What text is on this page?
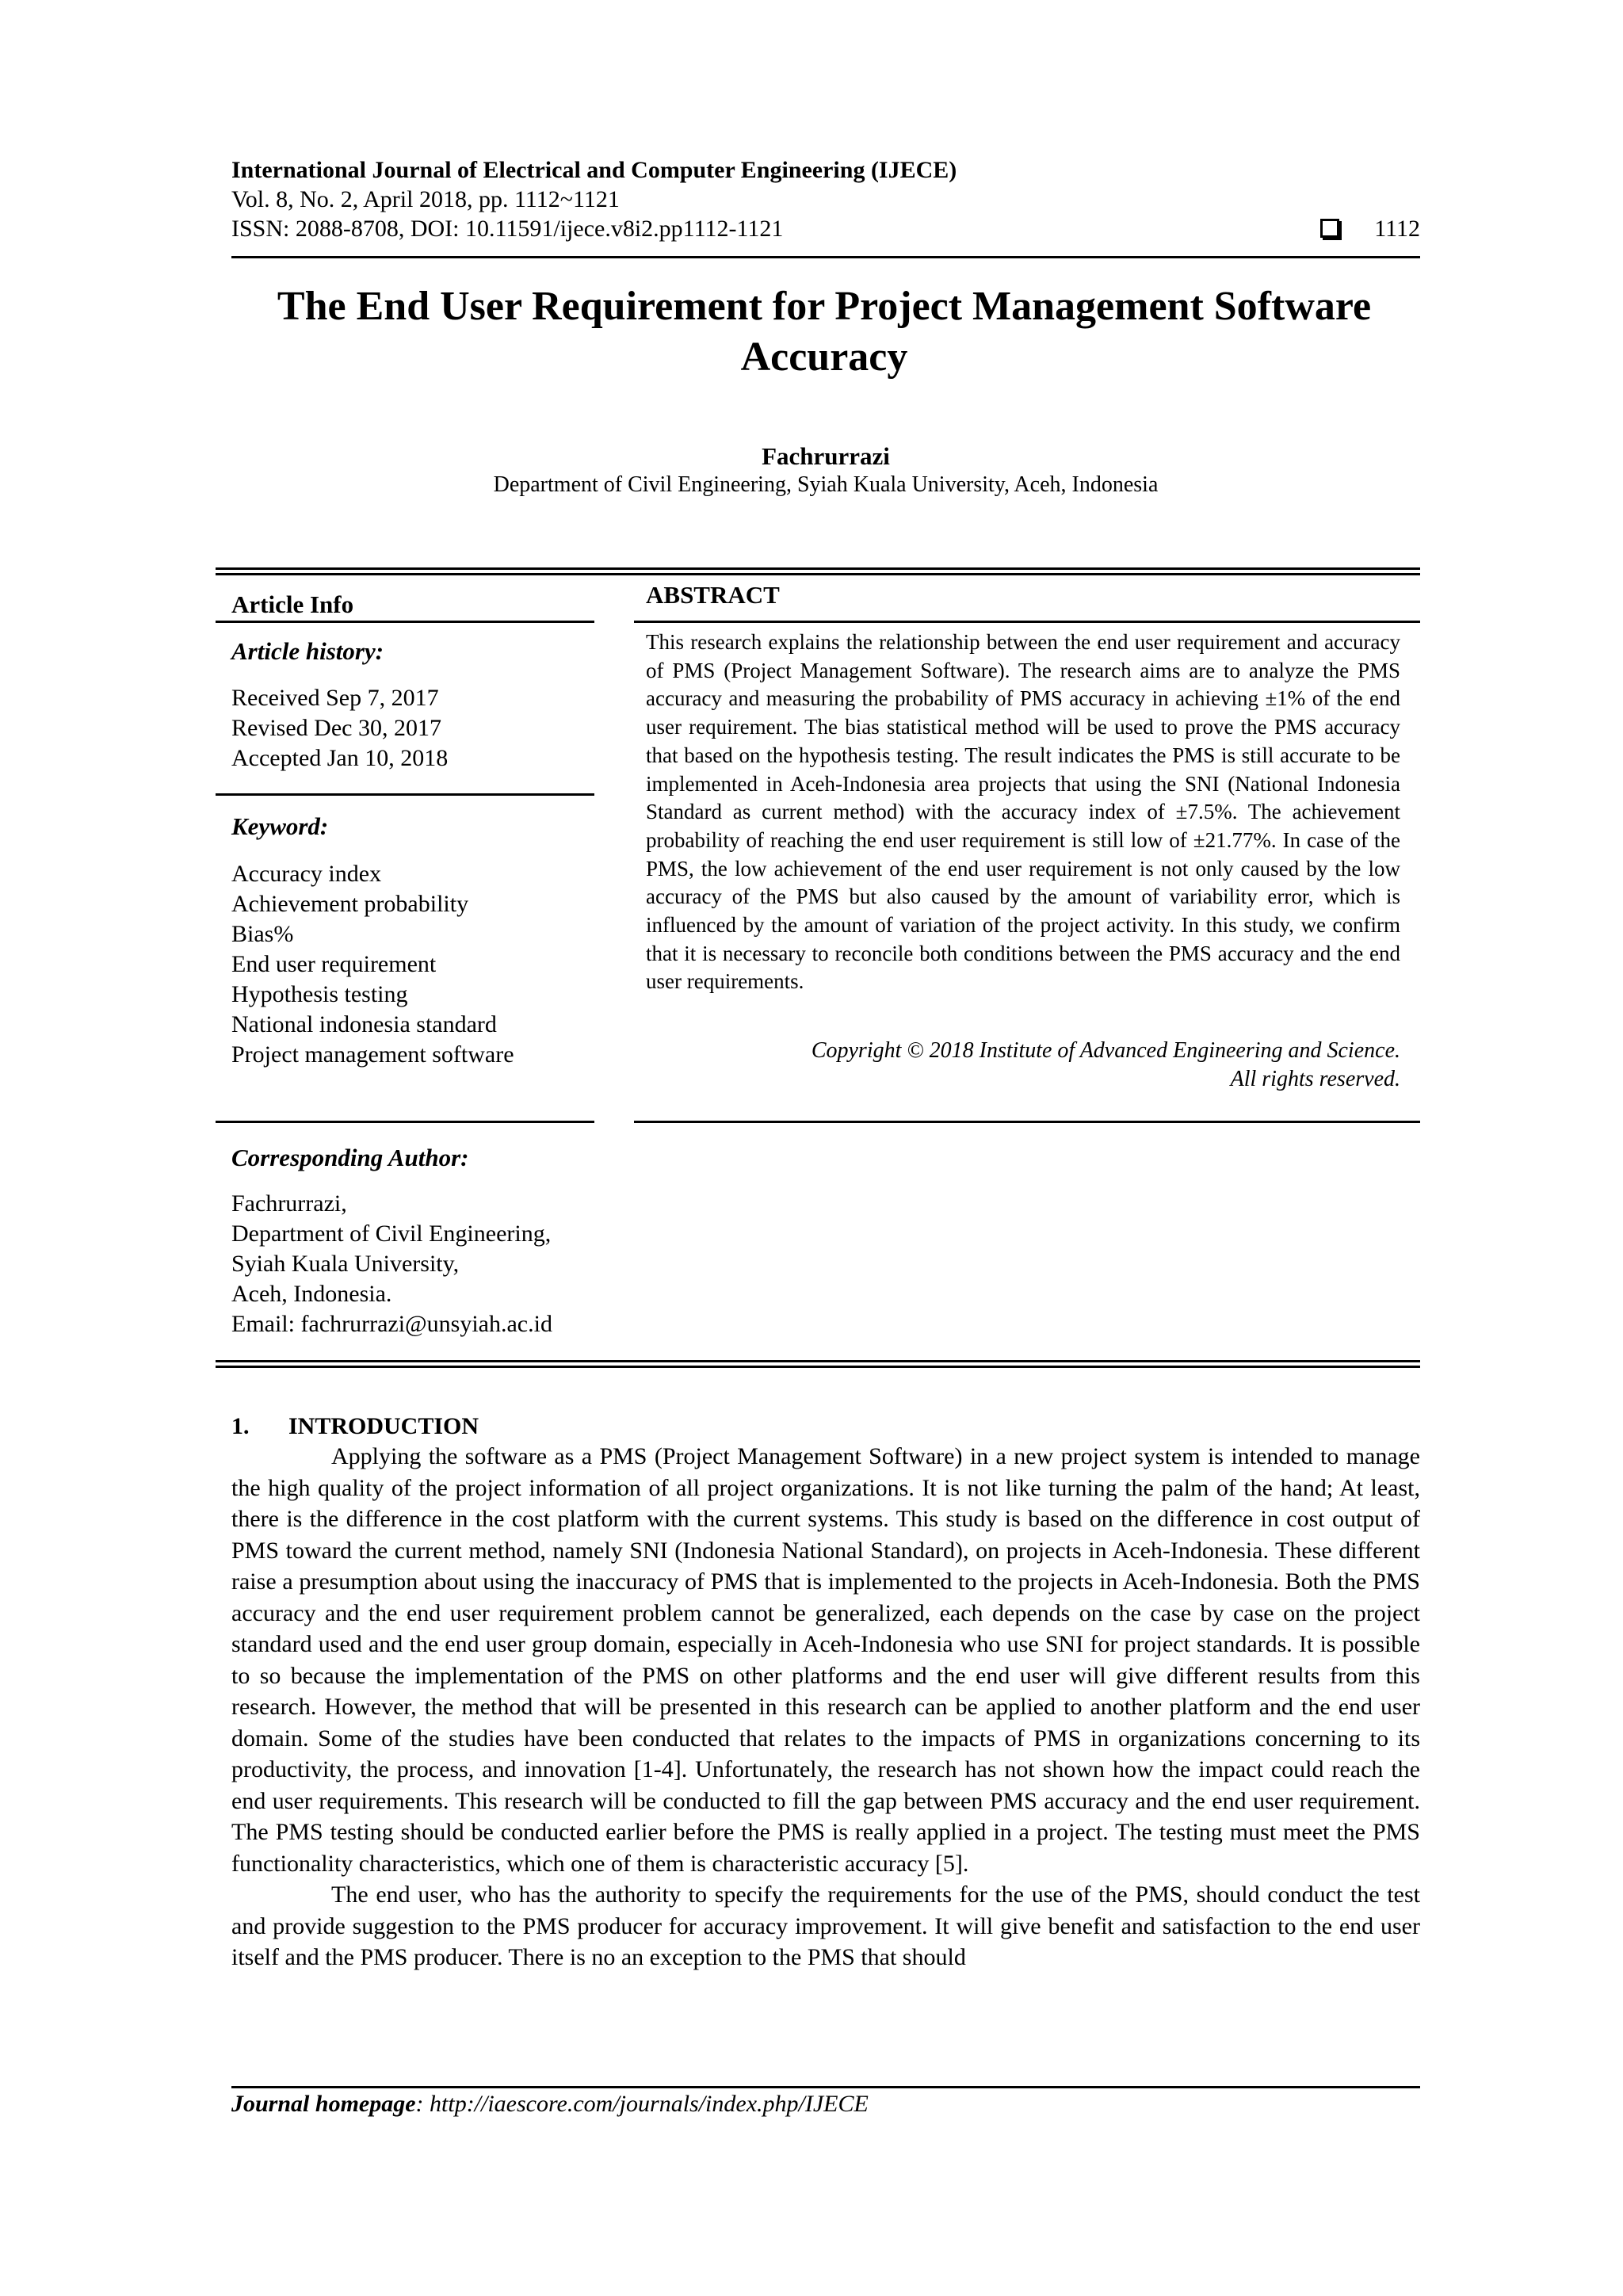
International Journal of Electrical and Computer Engineering (IJECE)
Vol. 8, No. 2, April 2018, pp. 1112~1121
ISSN: 2088-8708, DOI: 10.11591/ijece.v8i2.pp1112-1121	1112
The End User Requirement for Project Management Software
Accuracy
Fachrurrazi
Department of Civil Engineering, Syiah Kuala University, Aceh, Indonesia
Article Info
Article history:
Received Sep 7, 2017
Revised Dec 30, 2017
Accepted Jan 10, 2018
Keyword:
Accuracy index
Achievement probability
Bias%
End user requirement
Hypothesis testing
National indonesia standard
Project management software
Corresponding Author:
Fachrurrazi,
Department of Civil Engineering,
Syiah Kuala University,
Aceh, Indonesia.
Email: fachrurrazi@unsyiah.ac.id
ABSTRACT
This research explains the relationship between the end user requirement and accuracy of PMS (Project Management Software). The research aims are to analyze the PMS accuracy and measuring the probability of PMS accuracy in achieving ±1% of the end user requirement. The bias statistical method will be used to prove the PMS accuracy that based on the hypothesis testing. The result indicates the PMS is still accurate to be implemented in Aceh-Indonesia area projects that using the SNI (National Indonesia Standard as current method) with the accuracy index of ±7.5%. The achievement probability of reaching the end user requirement is still low of ±21.77%. In case of the PMS, the low achievement of the end user requirement is not only caused by the low accuracy of the PMS but also caused by the amount of variability error, which is influenced by the amount of variation of the project activity. In this study, we confirm that it is necessary to reconcile both conditions between the PMS accuracy and the end user requirements.
Copyright © 2018 Institute of Advanced Engineering and Science.
All rights reserved.
1. INTRODUCTION

Applying the software as a PMS (Project Management Software) in a new project system is intended to manage the high quality of the project information of all project organizations. It is not like turning the palm of the hand; At least, there is the difference in the cost platform with the current systems. This study is based on the difference in cost output of PMS toward the current method, namely SNI (Indonesia National Standard), on projects in Aceh-Indonesia. These different raise a presumption about using the inaccuracy of PMS that is implemented to the projects in Aceh-Indonesia. Both the PMS accuracy and the end user requirement problem cannot be generalized, each depends on the case by case on the project standard used and the end user group domain, especially in Aceh-Indonesia who use SNI for project standards. It is possible to so because the implementation of the PMS on other platforms and the end user will give different results from this research. However, the method that will be presented in this research can be applied to another platform and the end user domain. Some of the studies have been conducted that relates to the impacts of PMS in organizations concerning to its productivity, the process, and innovation [1-4]. Unfortunately, the research has not shown how the impact could reach the end user requirements. This research will be conducted to fill the gap between PMS accuracy and the end user requirement. The PMS testing should be conducted earlier before the PMS is really applied in a project. The testing must meet the PMS functionality characteristics, which one of them is characteristic accuracy [5].

The end user, who has the authority to specify the requirements for the use of the PMS, should conduct the test and provide suggestion to the PMS producer for accuracy improvement. It will give benefit and satisfaction to the end user itself and the PMS producer. There is no an exception to the PMS that should

Journal homepage: http://iaescore.com/journals/index.php/IJECE
